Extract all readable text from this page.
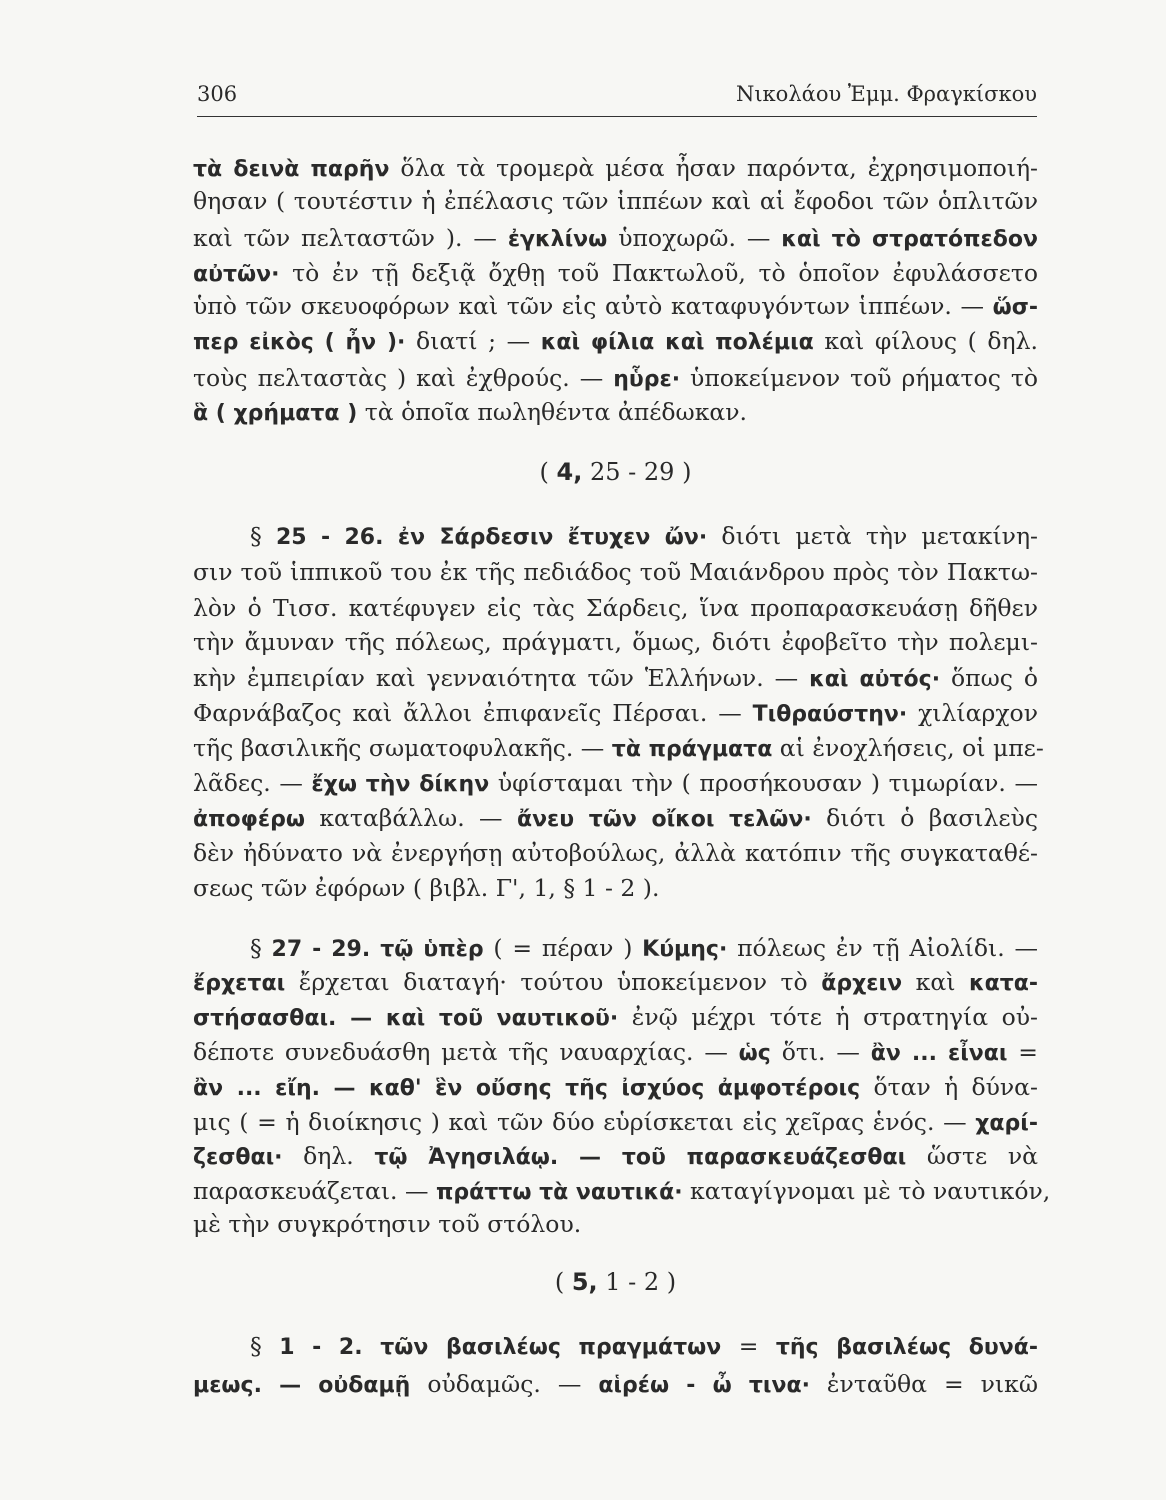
306	Νικολάου Ἐμμ. Φραγκίσκου
τὰ δεινὰ παρῆν ὅλα τὰ τρομερὰ μέσα ἦσαν παρόντα, ἐχρησιμοποιή-
θησαν ( τουτέστιν ἡ ἐπέλασις τῶν ἱππέων καὶ αἱ ἔφοδοι τῶν ὁπλιτῶν
καὶ τῶν πελταστῶν ). — ἐγκλίνω ὑποχωρῶ. — καὶ τὸ στρατόπεδον
αὐτῶν· τὸ ἐν τῇ δεξιᾷ ὄχθῃ τοῦ Πακτωλοῦ, τὸ ὁποῖον ἐφυλάσσετο
ὑπὸ τῶν σκευοφόρων καὶ τῶν εἰς αὐτὸ καταφυγόντων ἱππέων. — ὥσ-
περ εἰκὸς ( ἦν )· διατί ; — καὶ φίλια καὶ πολέμια καὶ φίλους ( δηλ.
τοὺς πελταστὰς ) καὶ ἐχθρούς. — ηὗρε· ὑποκείμενον τοῦ ρήματος τὸ
ἃ ( χρήματα ) τὰ ὁποῖα πωληθέντα ἀπέδωκαν.
( 4, 25 - 29 )
§ 25 - 26. ἐν Σάρδεσιν ἔτυχεν ὤν· διότι μετὰ τὴν μετακίνη-
σιν τοῦ ἱππικοῦ του ἐκ τῆς πεδιάδος τοῦ Μαιάνδρου πρὸς τὸν Πακτω-
λὸν ὁ Τισσ. κατέφυγεν εἰς τὰς Σάρδεις, ἵνα προπαρασκευάσῃ δῆθεν
τὴν ἄμυναν τῆς πόλεως, πράγματι, ὅμως, διότι ἐφοβεῖτο τὴν πολεμι-
κὴν ἐμπειρίαν καὶ γενναιότητα τῶν Ἑλλήνων. — καὶ αὐτός· ὅπως ὁ
Φαρνάβαζος καὶ ἄλλοι ἐπιφανεῖς Πέρσαι. — Τιθραύστην· χιλίαρχον
τῆς βασιλικῆς σωματοφυλακῆς. — τὰ πράγματα αἱ ἐνοχλήσεις, οἱ μπε-
λᾶδες. — ἔχω τὴν δίκην ὑφίσταμαι τὴν ( προσήκουσαν ) τιμωρίαν. —
ἀποφέρω καταβάλλω. — ἄνευ τῶν οἴκοι τελῶν· διότι ὁ βασιλεὺς
δὲν ἠδύνατο νὰ ἐνεργήσῃ αὐτοβούλως, ἀλλὰ κατόπιν τῆς συγκαταθέ-
σεως τῶν ἐφόρων ( βιβλ. Γ', 1, § 1 - 2 ).
§ 27 - 29. τῷ ὑπὲρ ( = πέραν ) Κύμης· πόλεως ἐν τῇ Αἰολίδι. —
ἔρχεται ἔρχεται διαταγή· τούτου ὑποκείμενον τὸ ἄρχειν καὶ κατα-
στήσασθαι. — καὶ τοῦ ναυτικοῦ· ἐνῷ μέχρι τότε ἡ στρατηγία οὐ-
δέποτε συνεδυάσθη μετὰ τῆς ναυαρχίας. — ὡς ὅτι. — ἂν ... εἶναι =
ἂν ... εἴη. — καθ' ἓν οὔσης τῆς ἰσχύος ἀμφοτέροις ὅταν ἡ δύνα-
μις ( = ἡ διοίκησις ) καὶ τῶν δύο εὑρίσκεται εἰς χεῖρας ἑνός. — χαρί-
ζεσθαι· δηλ. τῷ Ἀγησιλάῳ. — τοῦ παρασκευάζεσθαι ὥστε νὰ
παρασκευάζεται. — πράττω τὰ ναυτικά· καταγίγνομαι μὲ τὸ ναυτικόν,
μὲ τὴν συγκρότησιν τοῦ στόλου.
( 5, 1 - 2 )
§ 1 - 2. τῶν βασιλέως πραγμάτων = τῆς βασιλέως δυνά-
μεως. — οὐδαμῇ οὐδαμῶς. — αἱρέω - ὦ τινα· ἐνταῦθα = νικῶ
